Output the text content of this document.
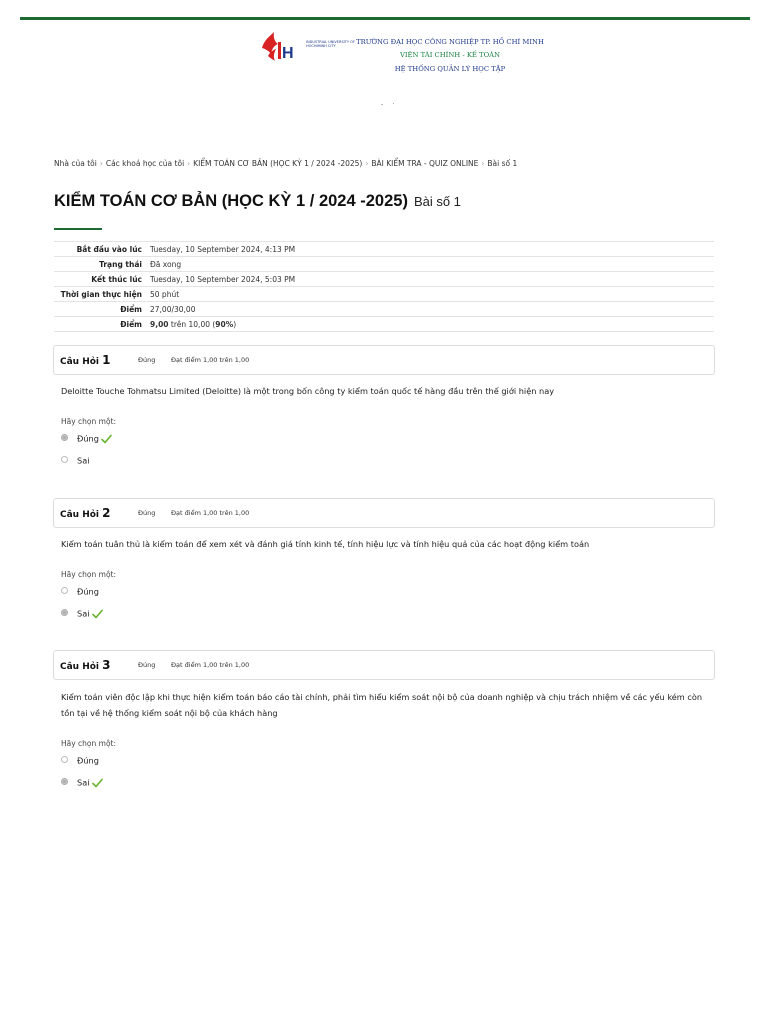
H
INDUSTRIAL UNIVERSITY OF HOCHIMINH CITY	TRƯỜNG ĐẠI HỌC CÔNG NGHIỆP TP. HỒ CHÍ MINH
VIỆN TÀI CHÍNH - KẾ TOÁN
HỆ THỐNG QUẢN LÝ HỌC TẬP
-     ·
Nhà của tôi › Các khoá học của tôi › KIỂM TOÁN CƠ BẢN (HỌC KỲ 1 / 2024 -2025) › BÀI KIỂM TRA - QUIZ ONLINE › Bài số 1
KIỂM TOÁN CƠ BẢN (HỌC KỲ 1 / 2024 -2025) Bài số 1
Bắt đầu vào lúc	Tuesday, 10 September 2024, 4:13 PM
Trạng thái	Đã xong
Kết thúc lúc	Tuesday, 10 September 2024, 5:03 PM
Thời gian thực hiện	50 phút
Điểm	27,00/30,00
Điểm	9,00 trên 10,00 (90%)
Câu Hỏi 1	Đúng Đạt điểm 1,00 trên 1,00
Deloitte Touche Tohmatsu Limited (Deloitte) là một trong bốn công ty kiểm toán quốc tế hàng đầu trên thế giới hiện nay
Hãy chọn một:
Đúng
Sai
Câu Hỏi 2	Đúng Đạt điểm 1,00 trên 1,00
Kiểm toán tuân thủ là kiểm toán để xem xét và đánh giá tính kinh tế, tính hiệu lực và tính hiệu quả của các hoạt động kiểm toán
Hãy chọn một:
Đúng
Sai
Câu Hỏi 3	Đúng Đạt điểm 1,00 trên 1,00
Kiểm toán viên độc lập khi thực hiện kiểm toán báo cáo tài chính, phải tìm hiểu kiểm soát nội bộ của doanh nghiệp và chịu trách nhiệm về các yếu kém còn tồn tại về hệ thống kiểm soát nội bộ của khách hàng
Hãy chọn một:
Đúng
Sai
